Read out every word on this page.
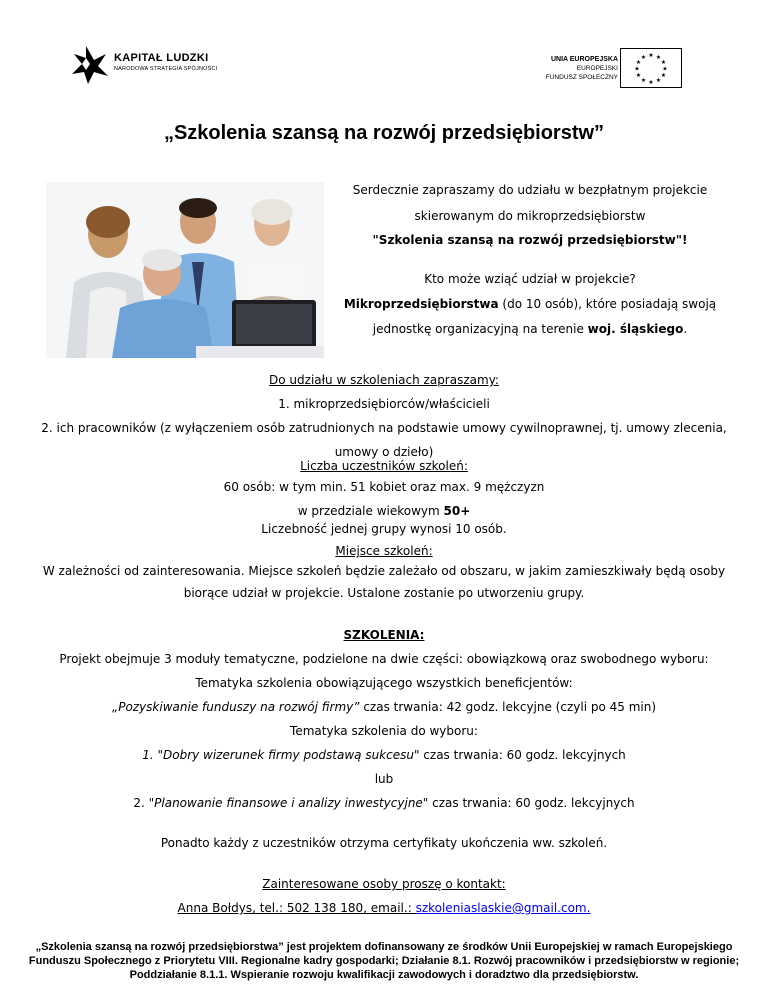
KAPITAŁ LUDZKI
NARODOWA STRATEGIA SPÓJNOŚCI
UNIA EUROPEJSKA
EUROPEJSKI
FUNDUSZ SPOŁECZNY
★ ★
★
★
★
★
★
★
★
★
★
★
„Szkolenia szansą na rozwój przedsiębiorstw”
Serdecznie zapraszamy do udziału w bezpłatnym projekcie
skierowanym do mikroprzedsiębiorstw
"Szkolenia szansą na rozwój przedsiębiorstw"!
Kto może wziąć udział w projekcie?
Mikroprzedsiębiorstwa (do 10 osób), które posiadają swoją
jednostkę organizacyjną na terenie woj. śląskiego.
Do udziału w szkoleniach zapraszamy:
1. mikroprzedsiębiorców/właścicieli
2. ich pracowników (z wyłączeniem osób zatrudnionych na podstawie umowy cywilnoprawnej, tj. umowy zlecenia,
umowy o dzieło)
Liczba uczestników szkoleń:
60 osób: w tym min. 51 kobiet oraz max. 9 mężczyzn
w przedziale wiekowym 50+
Liczebność jednej grupy wynosi 10 osób.
Miejsce szkoleń:
W zależności od zainteresowania. Miejsce szkoleń będzie zależało od obszaru, w jakim zamieszkiwały będą osoby
biorące udział w projekcie. Ustalone zostanie po utworzeniu grupy.
SZKOLENIA:
Projekt obejmuje 3 moduły tematyczne, podzielone na dwie części: obowiązkową oraz swobodnego wyboru:
Tematyka szkolenia obowiązującego wszystkich beneficjentów:
„Pozyskiwanie funduszy na rozwój firmy” czas trwania: 42 godz. lekcyjne (czyli po 45 min)
Tematyka szkolenia do wyboru:
1. "Dobry wizerunek firmy podstawą sukcesu" czas trwania: 60 godz. lekcyjnych
lub
2. "Planowanie finansowe i analizy inwestycyjne" czas trwania: 60 godz. lekcyjnych
Ponadto każdy z uczestników otrzyma certyfikaty ukończenia ww. szkoleń.
Zainteresowane osoby proszę o kontakt:
Anna Bołdys, tel.: 502 138 180, email.: szkoleniaslaskie@gmail.com.
„Szkolenia szansą na rozwój przedsiębiorstwa” jest projektem dofinansowany ze środków Unii Europejskiej w ramach Europejskiego
Funduszu Społecznego z Priorytetu VIII. Regionalne kadry gospodarki; Działanie 8.1. Rozwój pracowników i przedsiębiorstw w regionie;
Poddziałanie 8.1.1. Wspieranie rozwoju kwalifikacji zawodowych i doradztwo dla przedsiębiorstw.
